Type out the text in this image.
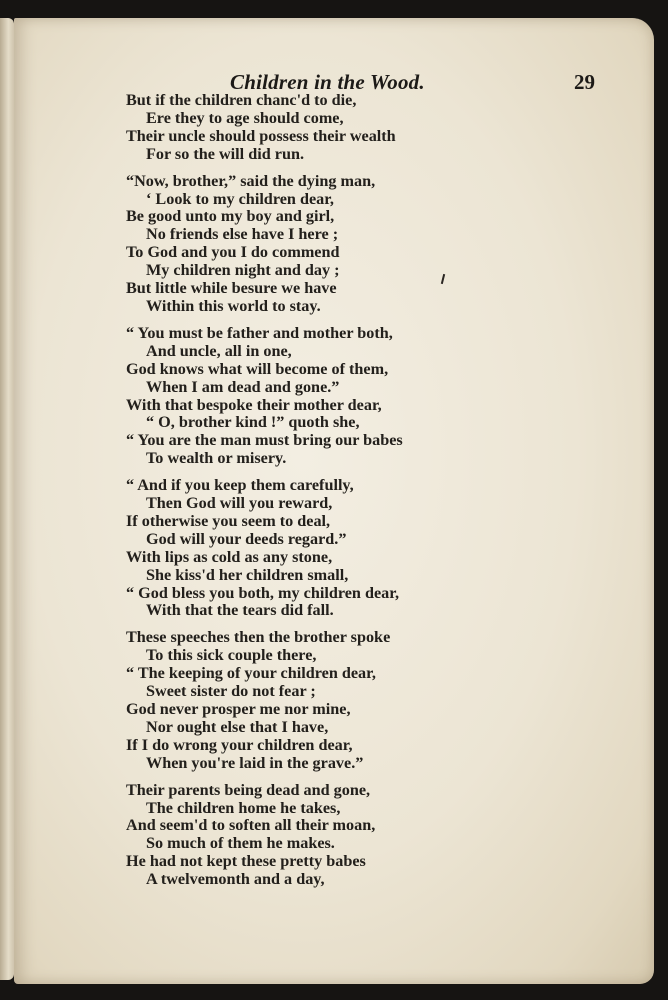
Children in the Wood.	29
But if the children chanc'd to die,
Ere they to age should come,
Their uncle should possess their wealth
For so the will did run.
“Now, brother,” said the dying man,
‘ Look to my children dear,
Be good unto my boy and girl,
No friends else have I here ;
To God and you I do commend
My children night and day ;
But little while besure we have
Within this world to stay.
“ You must be father and mother both,
And uncle, all in one,
God knows what will become of them,
When I am dead and gone.”
With that bespoke their mother dear,
“ O, brother kind !” quoth she,
“ You are the man must bring our babes
To wealth or misery.
“ And if you keep them carefully,
Then God will you reward,
If otherwise you seem to deal,
God will your deeds regard.”
With lips as cold as any stone,
She kiss'd her children small,
“ God bless you both, my children dear,
With that the tears did fall.
These speeches then the brother spoke
To this sick couple there,
“ The keeping of your children dear,
Sweet sister do not fear ;
God never prosper me nor mine,
Nor ought else that I have,
If I do wrong your children dear,
When you're laid in the grave.”
Their parents being dead and gone,
The children home he takes,
And seem'd to soften all their moan,
So much of them he makes.
He had not kept these pretty babes
A twelvemonth and a day,
